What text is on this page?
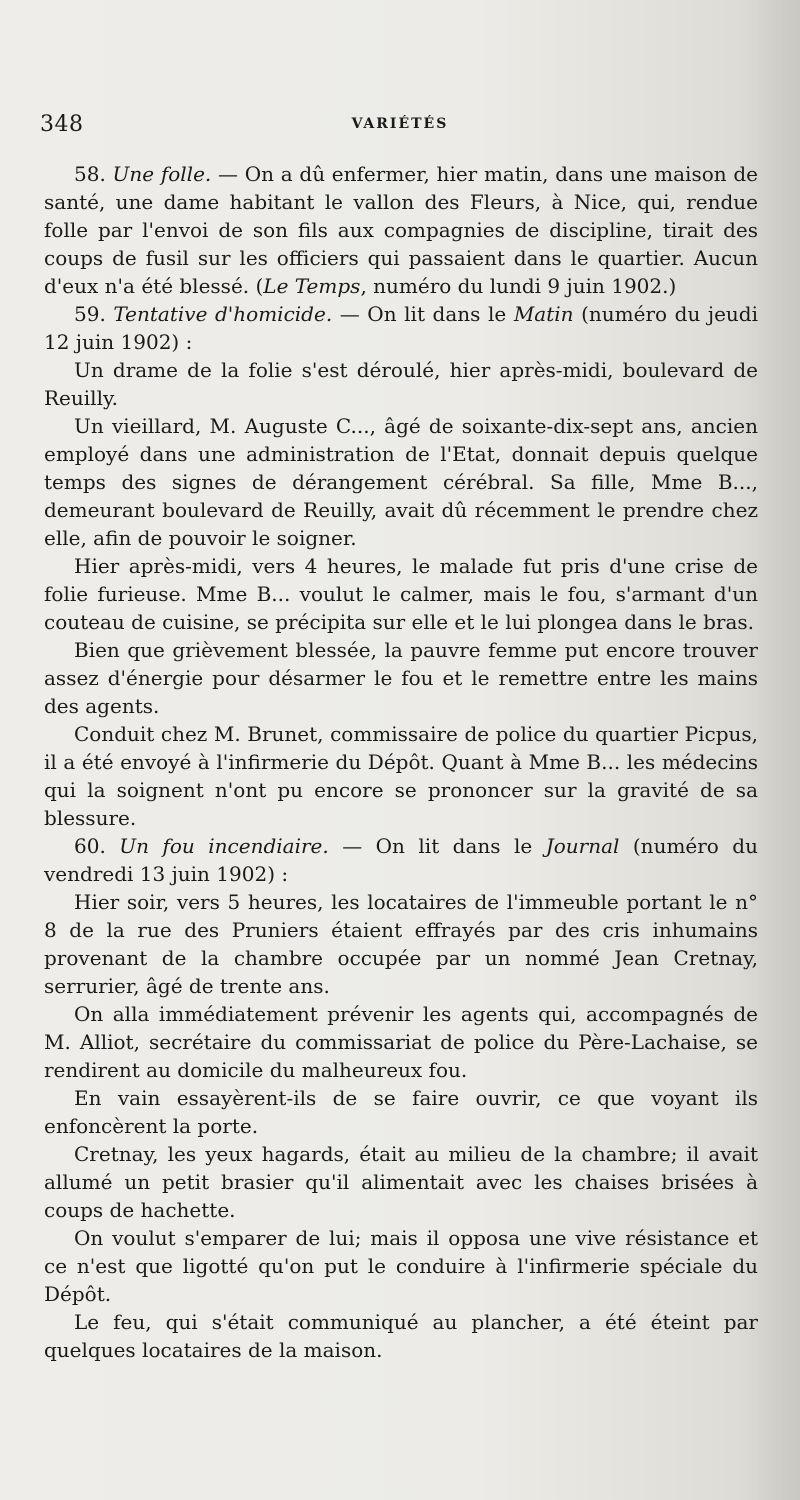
348	VARIÉTÉS

58. Une folle. — On a dû enfermer, hier matin, dans une maison de santé, une dame habitant le vallon des Fleurs, à Nice, qui, rendue folle par l'envoi de son fils aux compagnies de discipline, tirait des coups de fusil sur les officiers qui passaient dans le quartier. Aucun d'eux n'a été blessé. (Le Temps, numéro du lundi 9 juin 1902.)

59. Tentative d'homicide. — On lit dans le Matin (numéro du jeudi 12 juin 1902) :

Un drame de la folie s'est déroulé, hier après-midi, boulevard de Reuilly.

Un vieillard, M. Auguste C..., âgé de soixante-dix-sept ans, ancien employé dans une administration de l'Etat, donnait depuis quelque temps des signes de dérangement cérébral. Sa fille, Mme B..., demeurant boulevard de Reuilly, avait dû récemment le prendre chez elle, afin de pouvoir le soigner.

Hier après-midi, vers 4 heures, le malade fut pris d'une crise de folie furieuse. Mme B... voulut le calmer, mais le fou, s'armant d'un couteau de cuisine, se précipita sur elle et le lui plongea dans le bras.

Bien que grièvement blessée, la pauvre femme put encore trouver assez d'énergie pour désarmer le fou et le remettre entre les mains des agents.

Conduit chez M. Brunet, commissaire de police du quartier Picpus, il a été envoyé à l'infirmerie du Dépôt. Quant à Mme B... les médecins qui la soignent n'ont pu encore se prononcer sur la gravité de sa blessure.

60. Un fou incendiaire. — On lit dans le Journal (numéro du vendredi 13 juin 1902) :

Hier soir, vers 5 heures, les locataires de l'immeuble portant le n° 8 de la rue des Pruniers étaient effrayés par des cris inhumains provenant de la chambre occupée par un nommé Jean Cretnay, serrurier, âgé de trente ans.

On alla immédiatement prévenir les agents qui, accompagnés de M. Alliot, secrétaire du commissariat de police du Père-Lachaise, se rendirent au domicile du malheureux fou.

En vain essayèrent-ils de se faire ouvrir, ce que voyant ils enfoncèrent la porte.

Cretnay, les yeux hagards, était au milieu de la chambre; il avait allumé un petit brasier qu'il alimentait avec les chaises brisées à coups de hachette.

On voulut s'emparer de lui; mais il opposa une vive résistance et ce n'est que ligotté qu'on put le conduire à l'infirmerie spéciale du Dépôt.

Le feu, qui s'était communiqué au plancher, a été éteint par quelques locataires de la maison.
